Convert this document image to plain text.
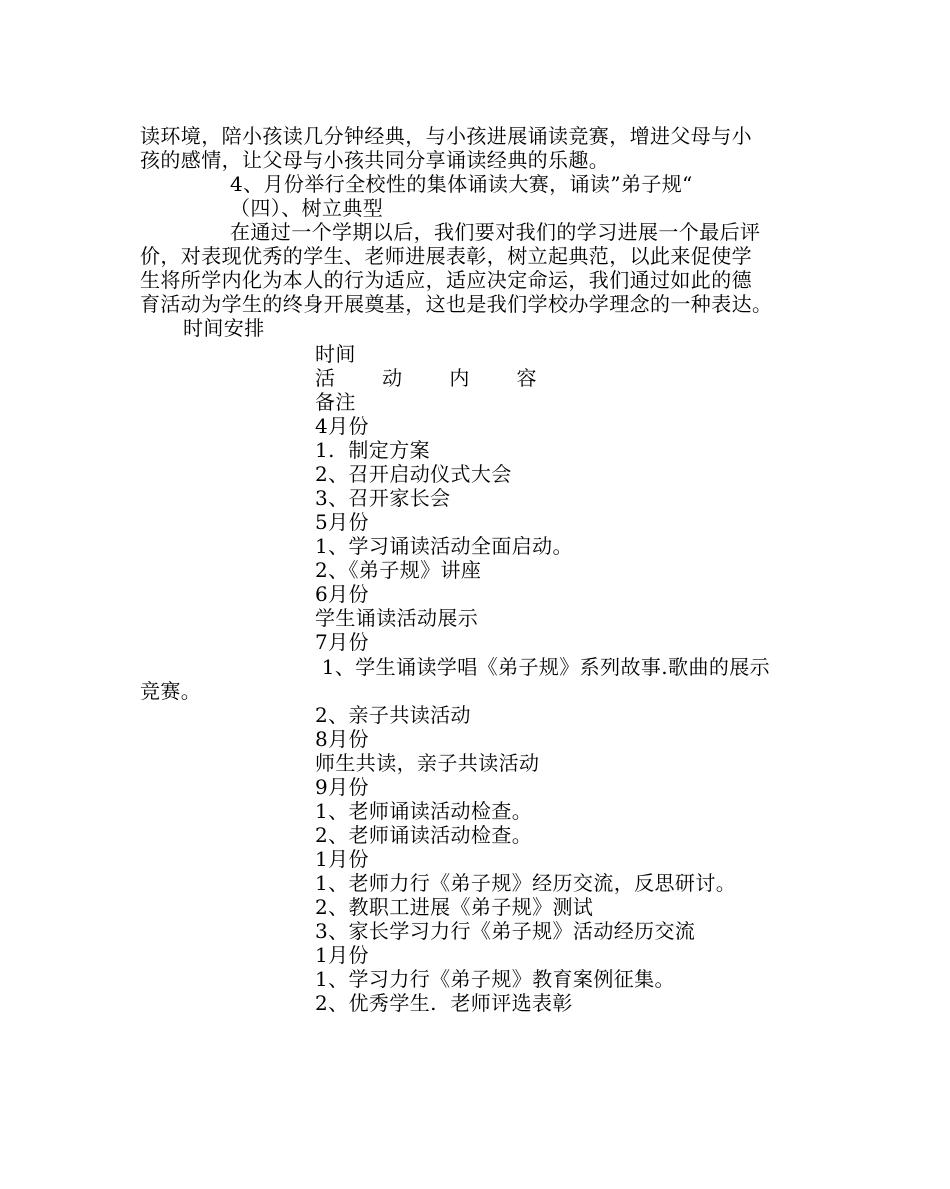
读环境，陪小孩读几分钟经典，与小孩进展诵读竞赛，增进父母与小
孩的感情，让父母与小孩共同分享诵读经典的乐趣。
4、月份举行全校性的集体诵读大赛，诵读”弟子规“
（四）、树立典型
在通过一个学期以后，我们要对我们的学习进展一个最后评
价，对表现优秀的学生、老师进展表彰，树立起典范，以此来促使学
生将所学内化为本人的行为适应，适应决定命运，我们通过如此的德
育活动为学生的终身开展奠基，这也是我们学校办学理念的一种表达。
时间安排
时间
活 动 内 容
备注
4月份
1.  制定方案
2、召开启动仪式大会
3、召开家长会
5月份
1、学习诵读活动全面启动。
2、《弟子规》讲座
6月份
学生诵读活动展示
7月份
1、学生诵读学唱《弟子规》系列故事.歌曲的展示
竞赛。
2、亲子共读活动
8月份
师生共读，亲子共读活动
9月份
1、老师诵读活动检查。
2、老师诵读活动检查。
1月份
1、老师力行《弟子规》经历交流，反思研讨。
2、教职工进展《弟子规》测试
3、家长学习力行《弟子规》活动经历交流
1月份
1、学习力行《弟子规》教育案例征集。
2、优秀学生.  老师评选表彰
